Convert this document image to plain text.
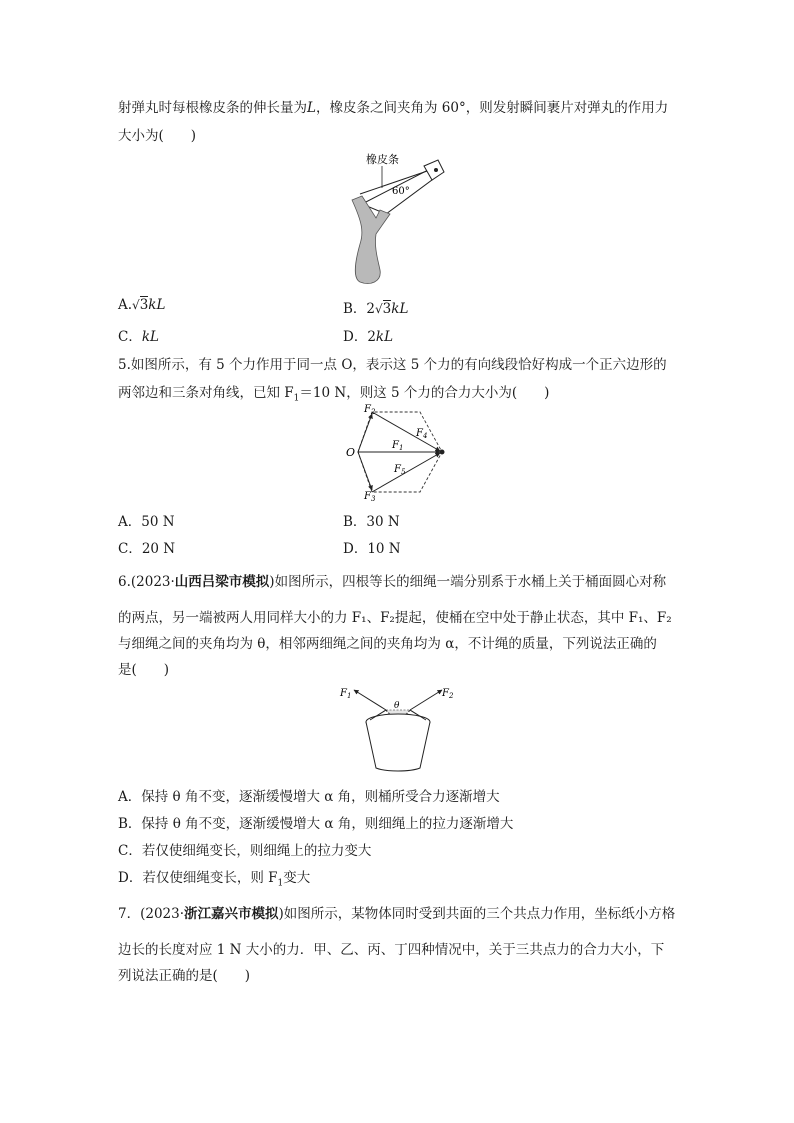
射弹丸时每根橡皮条的伸长量为L，橡皮条之间夹角为 60°，则发射瞬间裹片对弹丸的作用力
大小为(　　)
橡皮条
60°
A.√3kL	B．2√3kL
C．kL	D．2kL
5.如图所示，有 5 个力作用于同一点 O，表示这 5 个力的有向线段恰好构成一个正六边形的
两邻边和三条对角线，已知 $F_1=10$ N，则这 5 个力的合力大小为(　　)
O
$F_2$
$F_3$
$F_1$
$F_4$
$F_5$
A．50 N	B．30 N
C．20 N	D．10 N
6.(2023·山西吕梁市模拟)如图所示，四根等长的细绳一端分别系于水桶上关于桶面圆心对称
的两点，另一端被两人用同样大小的力 F₁、F₂提起，使桶在空中处于静止状态，其中 F₁、F₂
与细绳之间的夹角均为 θ，相邻两细绳之间的夹角均为 α，不计绳的质量，下列说法正确的
是(　　)
$F_1$	$F_2$
θ
A．保持 θ 角不变，逐渐缓慢增大 α 角，则桶所受合力逐渐增大
B．保持 θ 角不变，逐渐缓慢增大 α 角，则细绳上的拉力逐渐增大
C．若仅使细绳变长，则细绳上的拉力变大
D．若仅使细绳变长，则 $F_1$变大
7．(2023·浙江嘉兴市模拟)如图所示，某物体同时受到共面的三个共点力作用，坐标纸小方格
边长的长度对应 1 N 大小的力．甲、乙、丙、丁四种情况中，关于三共点力的合力大小，下
列说法正确的是(　　)
